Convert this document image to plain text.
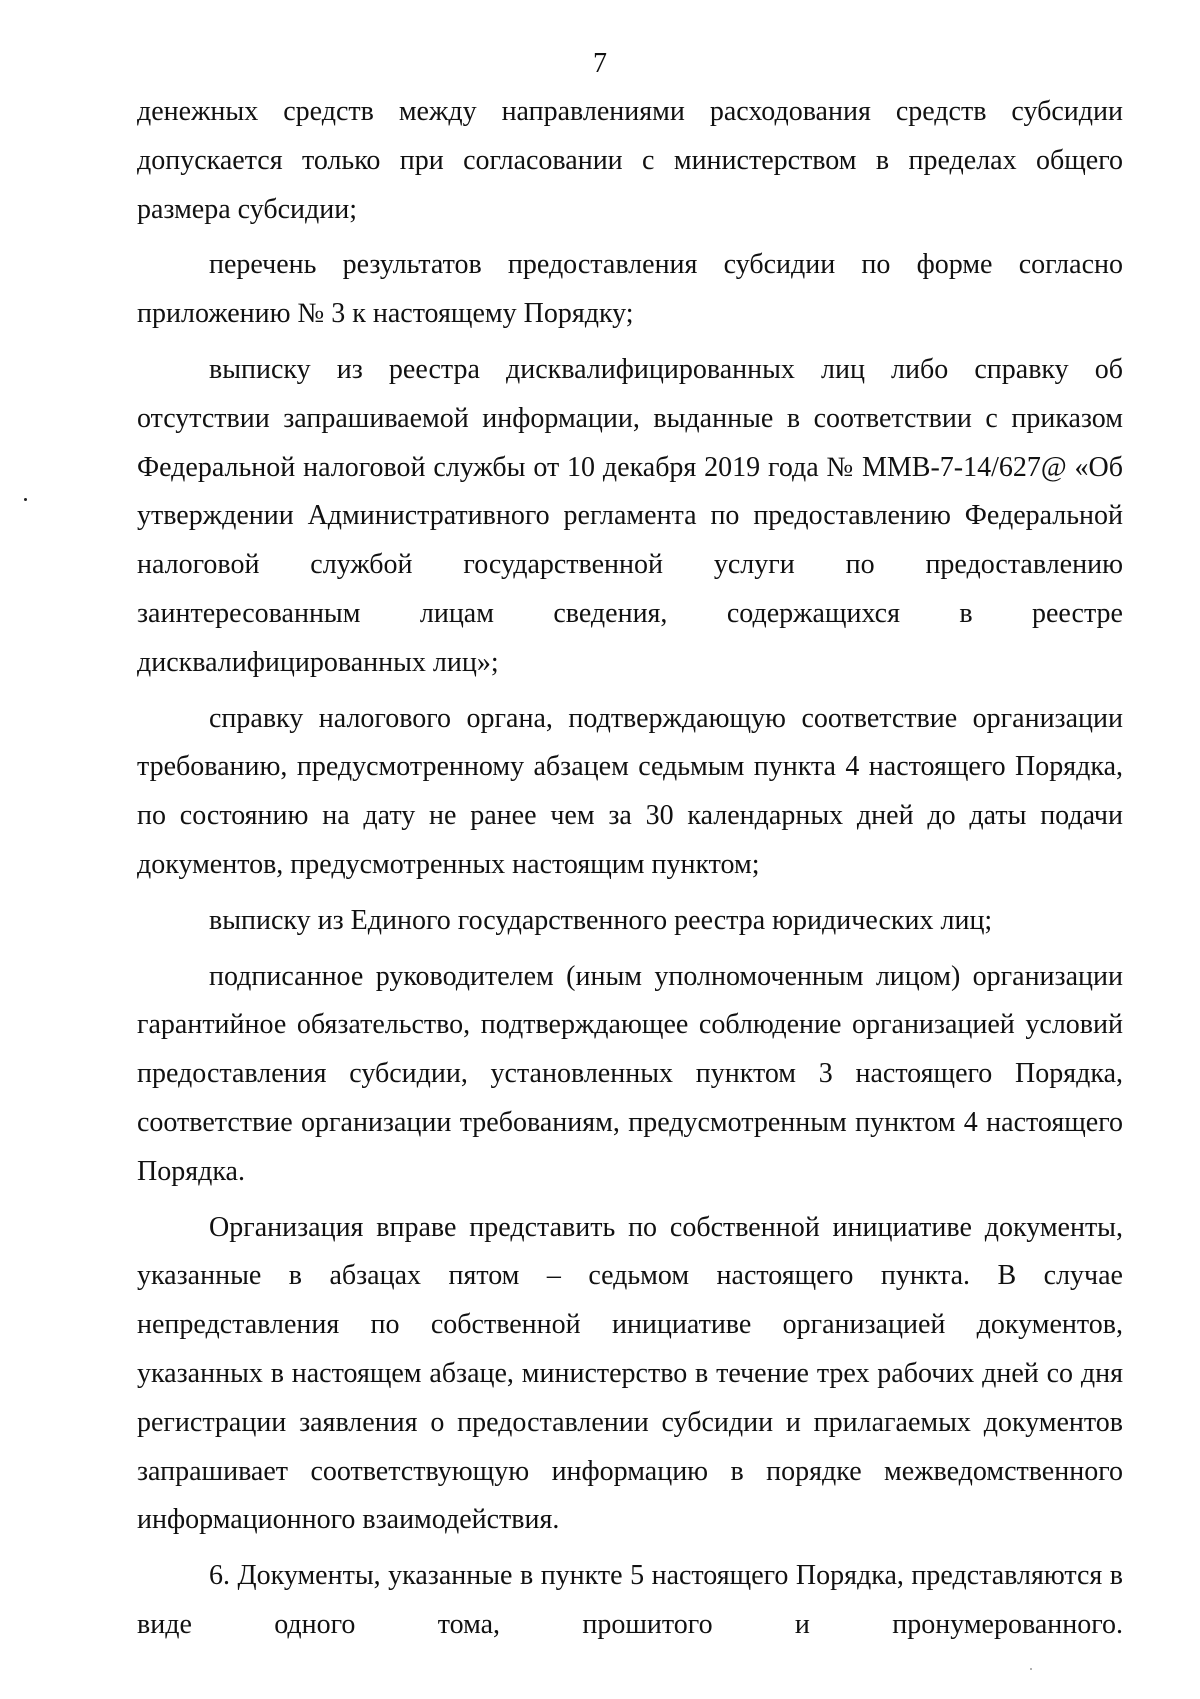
7

денежных средств между направлениями расходования средств субсидии допускается только при согласовании с министерством в пределах общего размера субсидии;

перечень результатов предоставления субсидии по форме согласно приложению № 3 к настоящему Порядку;

выписку из реестра дисквалифицированных лиц либо справку об отсутствии запрашиваемой информации, выданные в соответствии с приказом Федеральной налоговой службы от 10 декабря 2019 года № ММВ-7-14/627@ «Об утверждении Административного регламента по предоставлению Федеральной налоговой службой государственной услуги по предоставлению заинтересованным лицам сведения, содержащихся в реестре дисквалифицированных лиц»;

справку налогового органа, подтверждающую соответствие организации требованию, предусмотренному абзацем седьмым пункта 4 настоящего Порядка, по состоянию на дату не ранее чем за 30 календарных дней до даты подачи документов, предусмотренных настоящим пунктом;

выписку из Единого государственного реестра юридических лиц;

подписанное руководителем (иным уполномоченным лицом) организации гарантийное обязательство, подтверждающее соблюдение организацией условий предоставления субсидии, установленных пунктом 3 настоящего Порядка, соответствие организации требованиям, предусмотренным пунктом 4 настоящего Порядка.

Организация вправе представить по собственной инициативе документы, указанные в абзацах пятом – седьмом настоящего пункта. В случае непредставления по собственной инициативе организацией документов, указанных в настоящем абзаце, министерство в течение трех рабочих дней со дня регистрации заявления о предоставлении субсидии и прилагаемых документов запрашивает соответствующую информацию в порядке межведомственного информационного взаимодействия.

6. Документы, указанные в пункте 5 настоящего Порядка, представляются в виде одного тома, прошитого и пронумерованного.
